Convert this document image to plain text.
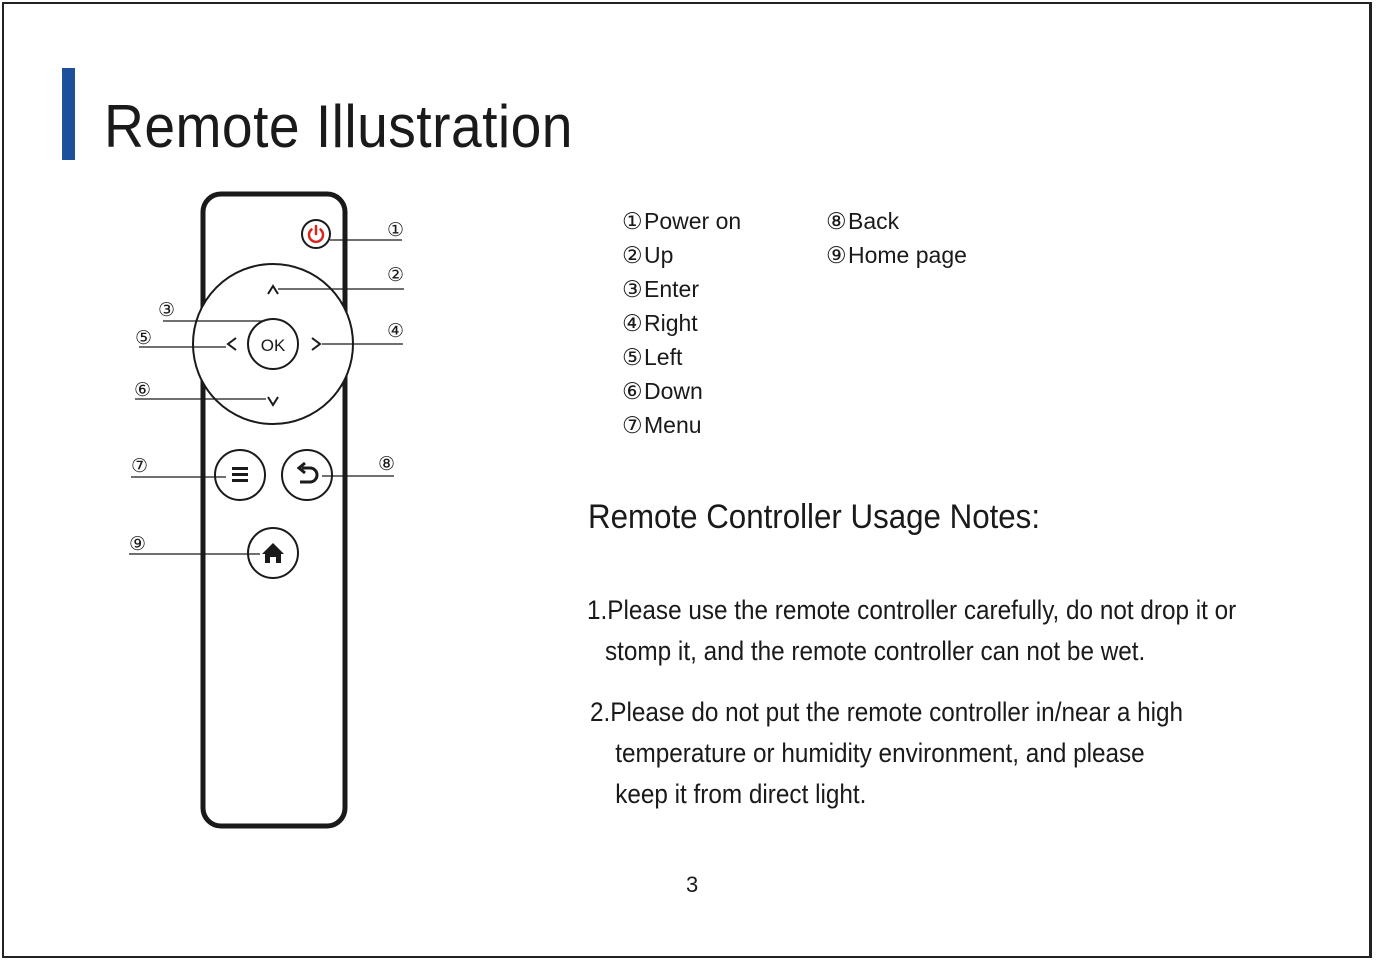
Remote Illustration
OK
①
②
③
④
⑤
⑥
⑦	⑧
⑨
①Power on
②Up
③Enter
④Right
⑤Left
⑥Down
⑦Menu
⑧Back
⑨Home page
Remote Controller Usage Notes:
1.Please use the remote controller carefully, do not drop it or
stomp it, and the remote controller can not be wet.
2.Please do not put the remote controller in/near a high
temperature or humidity environment, and please
keep it from direct light.
3
